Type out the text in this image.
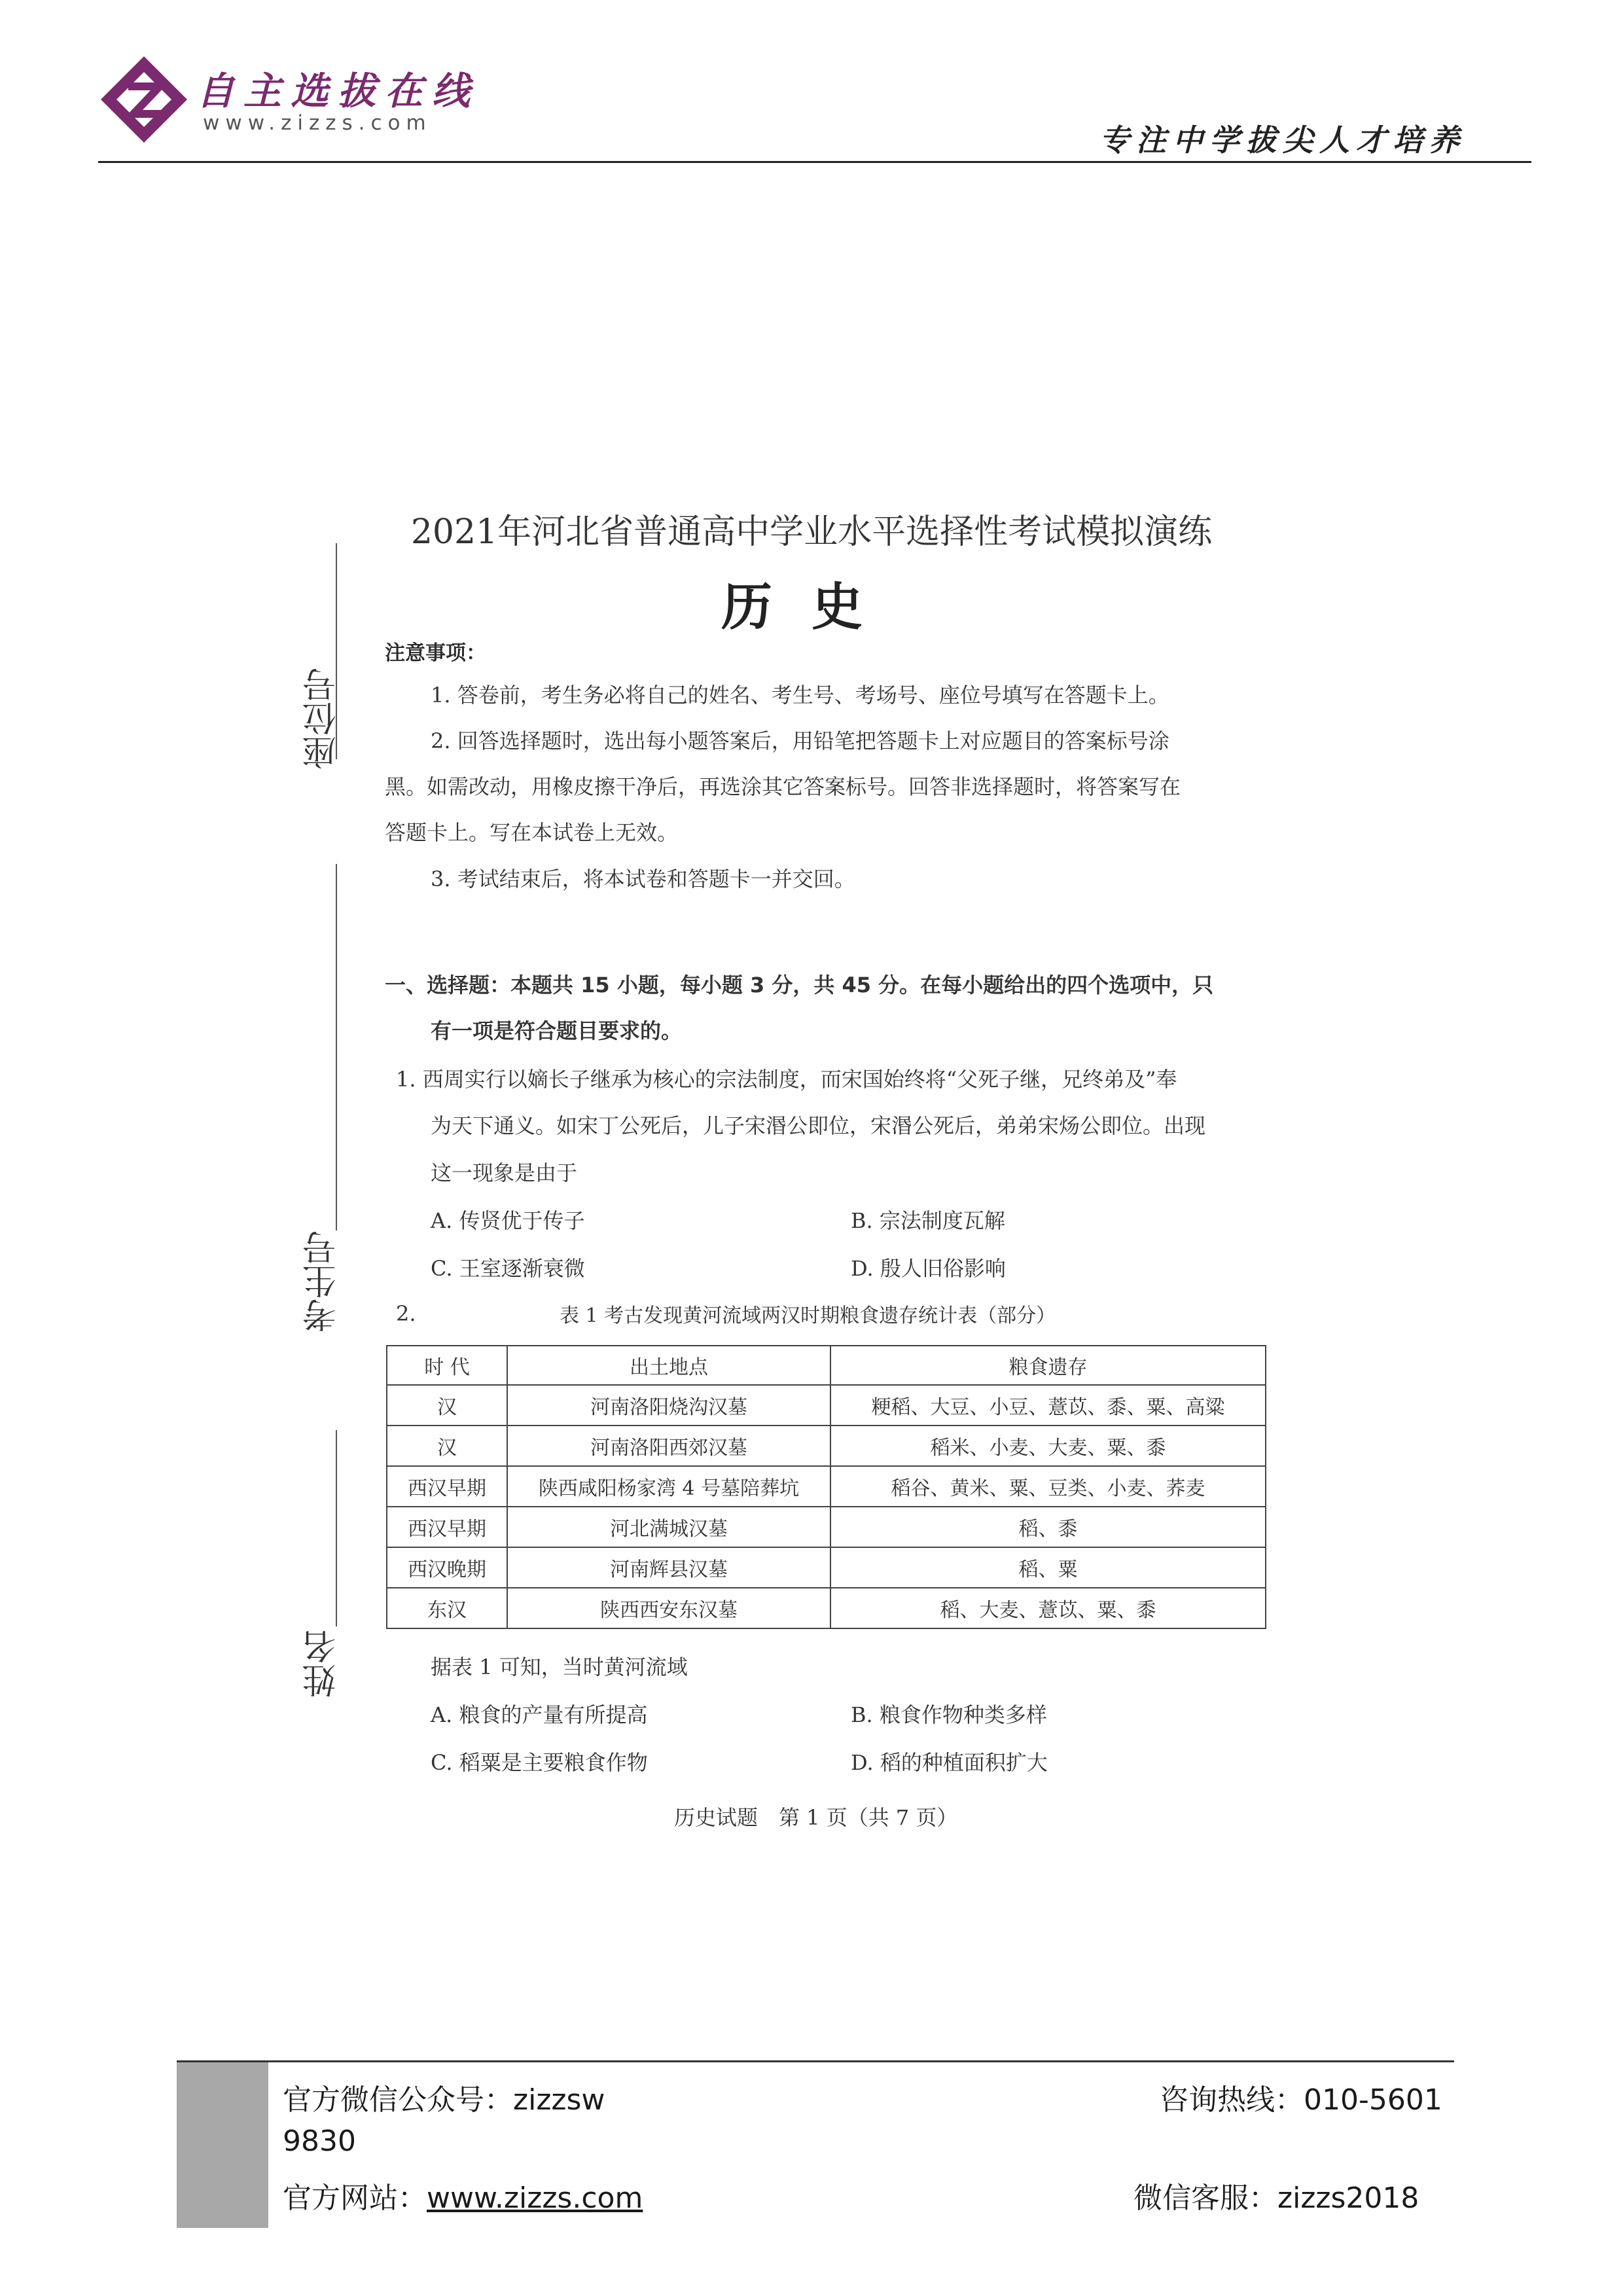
自主选拔在线
www.zizzs.com	专注中学拔尖人才培养
座位号
考生号
姓名
2021年河北省普通高中学业水平选择性考试模拟演练
历史
注意事项：
1. 答卷前，考生务必将自己的姓名、考生号、考场号、座位号填写在答题卡上。
2. 回答选择题时，选出每小题答案后，用铅笔把答题卡上对应题目的答案标号涂
黑。如需改动，用橡皮擦干净后，再选涂其它答案标号。回答非选择题时，将答案写在
答题卡上。写在本试卷上无效。
3. 考试结束后，将本试卷和答题卡一并交回。
一、选择题：本题共 15 小题，每小题 3 分，共 45 分。在每小题给出的四个选项中，只
有一项是符合题目要求的。
1. 西周实行以嫡长子继承为核心的宗法制度，而宋国始终将“父死子继，兄终弟及”奉
为天下通义。如宋丁公死后，儿子宋湣公即位，宋湣公死后，弟弟宋炀公即位。出现
这一现象是由于
A. 传贤优于传子	B. 宗法制度瓦解
C. 王室逐渐衰微	D. 殷人旧俗影响
2.	表 1 考古发现黄河流域两汉时期粮食遗存统计表（部分）
时 代	出土地点	粮食遗存
汉	河南洛阳烧沟汉墓	粳稻、大豆、小豆、薏苡、黍、粟、高粱
汉	河南洛阳西郊汉墓	稻米、小麦、大麦、粟、黍
西汉早期	陕西咸阳杨家湾 4 号墓陪葬坑	稻谷、黄米、粟、豆类、小麦、荞麦
西汉早期	河北满城汉墓	稻、黍
西汉晚期	河南辉县汉墓	稻、粟
东汉	陕西西安东汉墓	稻、大麦、薏苡、粟、黍
据表 1 可知，当时黄河流域
A. 粮食的产量有所提高	B. 粮食作物种类多样
C. 稻粟是主要粮食作物	D. 稻的种植面积扩大
历史试题　第 1 页（共 7 页）
官方微信公众号：zizzsw
9830
咨询热线：010-5601
官方网站：www.zizzs.com	微信客服：zizzs2018
